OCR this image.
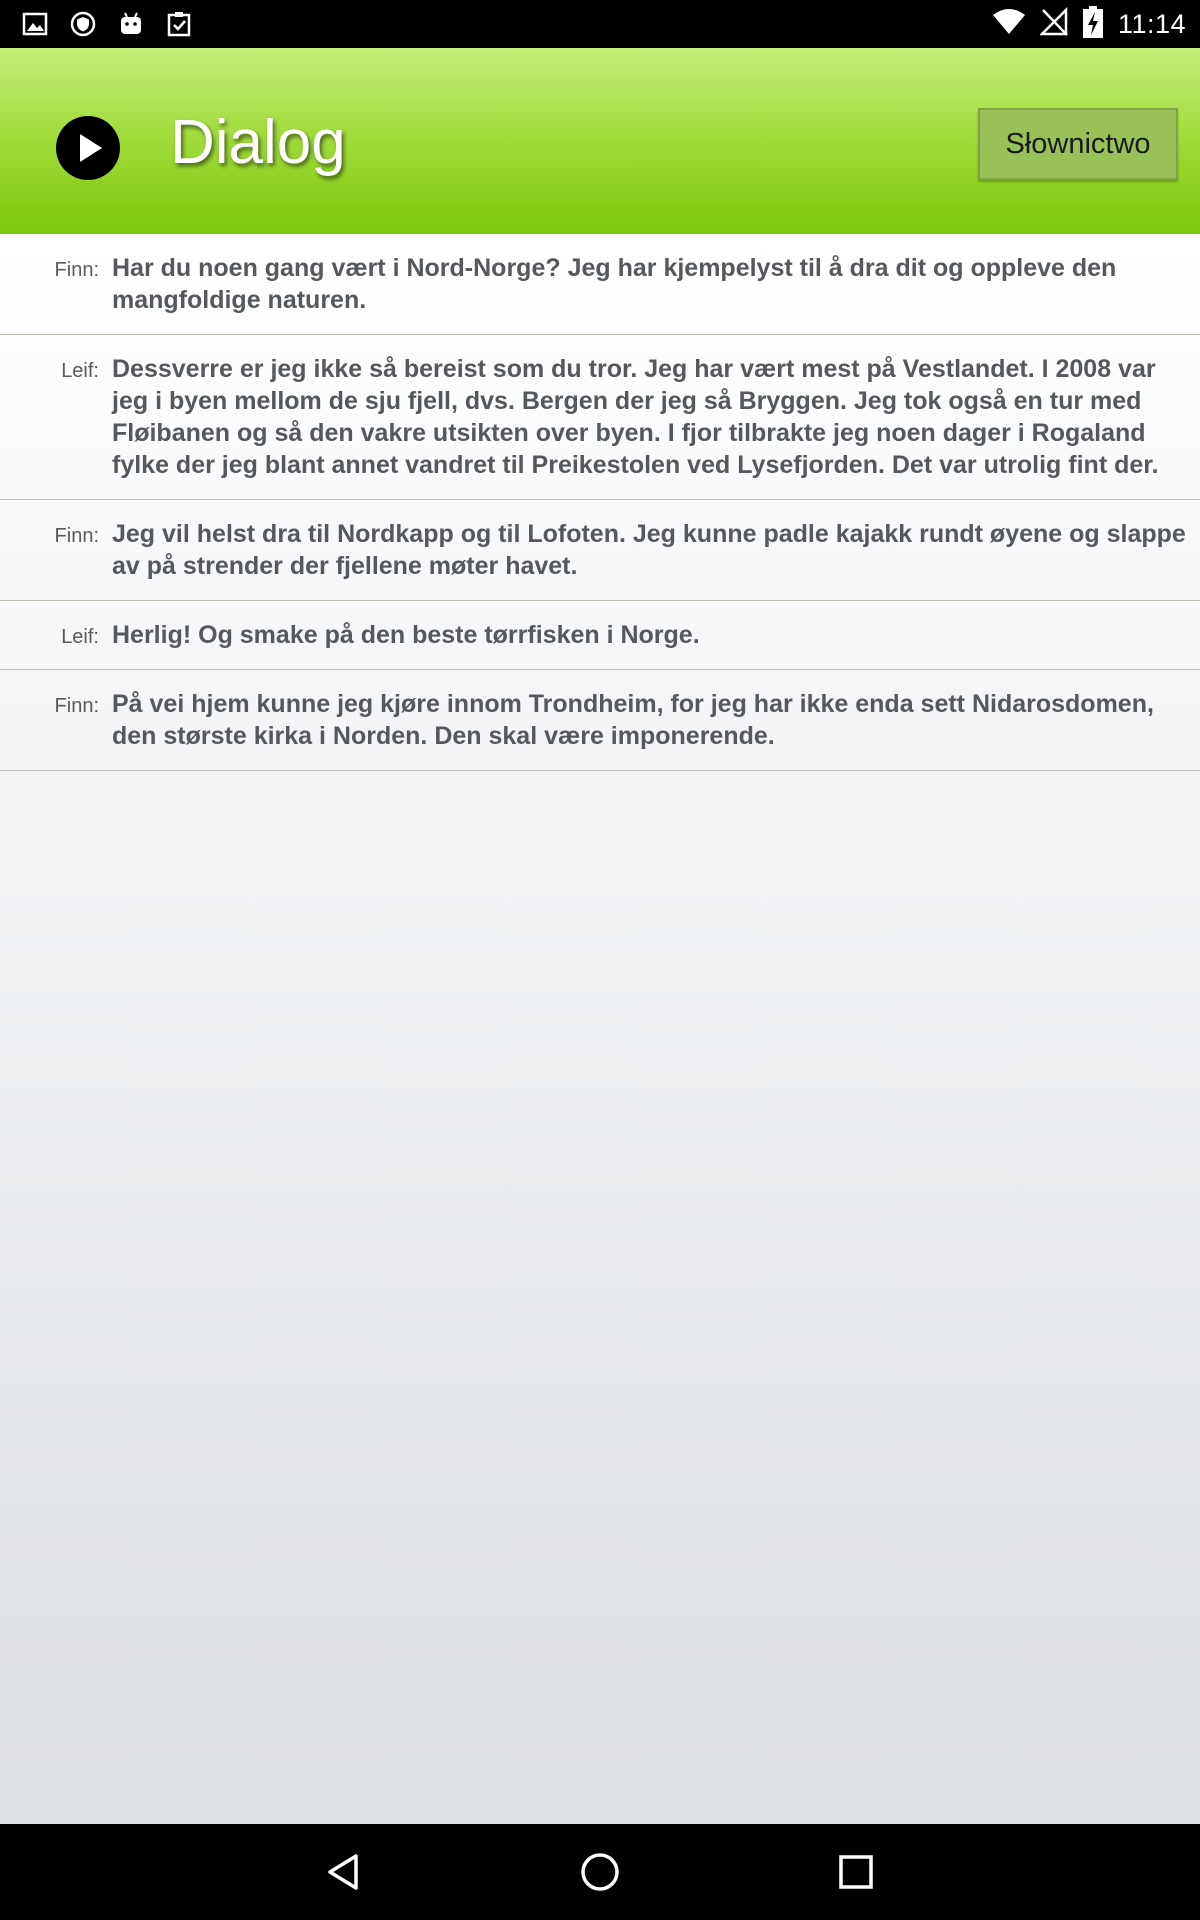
11:14
Dialog	Słownictwo
Finn: Har du noen gang vært i Nord-Norge? Jeg har kjempelyst til å dra dit og oppleve den mangfoldige naturen.
Leif: Dessverre er jeg ikke så bereist som du tror. Jeg har vært mest på Vestlandet. I 2008 var jeg i byen mellom de sju fjell, dvs. Bergen der jeg så Bryggen. Jeg tok også en tur med Fløibanen og så den vakre utsikten over byen. I fjor tilbrakte jeg noen dager i Rogaland fylke der jeg blant annet vandret til Preikestolen ved Lysefjorden. Det var utrolig fint der.
Finn: Jeg vil helst dra til Nordkapp og til Lofoten. Jeg kunne padle kajakk rundt øyene og slappe av på strender der fjellene møter havet.
Leif: Herlig! Og smake på den beste tørrfisken i Norge.
Finn: På vei hjem kunne jeg kjøre innom Trondheim, for jeg har ikke enda sett Nidarosdomen, den største kirka i Norden. Den skal være imponerende.
